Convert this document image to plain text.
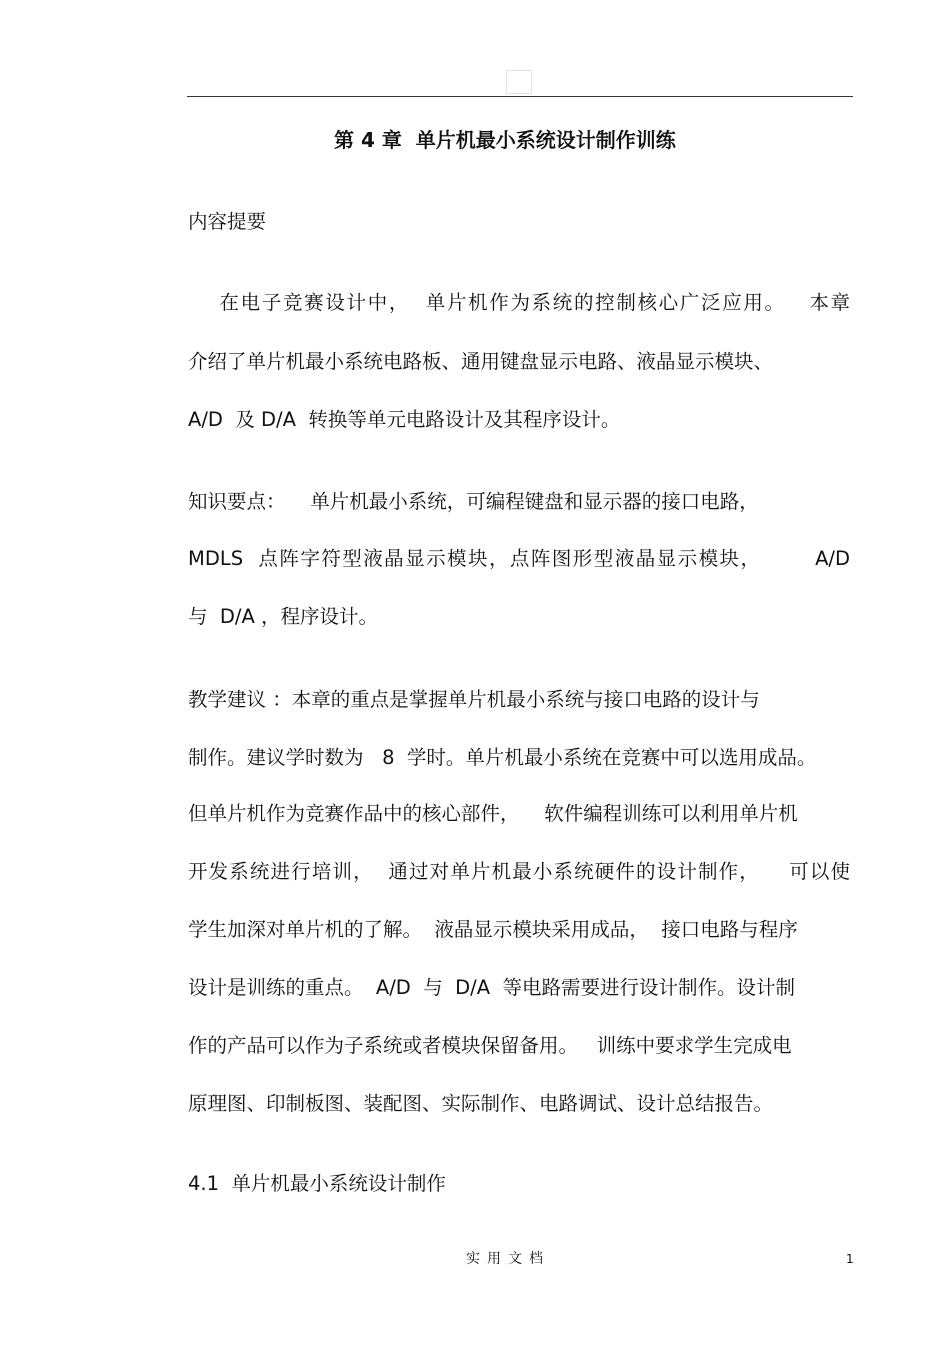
第 4 章  单片机最小系统设计制作训练

内容提要

在电子竞赛设计中，  单片机作为系统的控制核心广泛应用。   本章

介绍了单片机最小系统电路板、通用键盘显示电路、液晶显示模块、

A/D  及 D/A  转换等单元电路设计及其程序设计。

知识要点：    单片机最小系统，可编程键盘和显示器的接口电路，

MDLS  点阵字符型液晶显示模块，点阵图形型液晶显示模块，       A/D

与  D/A ，程序设计。

教学建议 ：本章的重点是掌握单片机最小系统与接口电路的设计与

制作。建议学时数为   8  学时。单片机最小系统在竞赛中可以选用成品。

但单片机作为竞赛作品中的核心部件，    软件编程训练可以利用单片机

开发系统进行培训，  通过对单片机最小系统硬件的设计制作，    可以使

学生加深对单片机的了解。  液晶显示模块采用成品，  接口电路与程序

设计是训练的重点。  A/D  与  D/A  等电路需要进行设计制作。设计制

作的产品可以作为子系统或者模块保留备用。   训练中要求学生完成电

原理图、印制板图、装配图、实际制作、电路调试、设计总结报告。

4.1  单片机最小系统设计制作

实用文档	1
